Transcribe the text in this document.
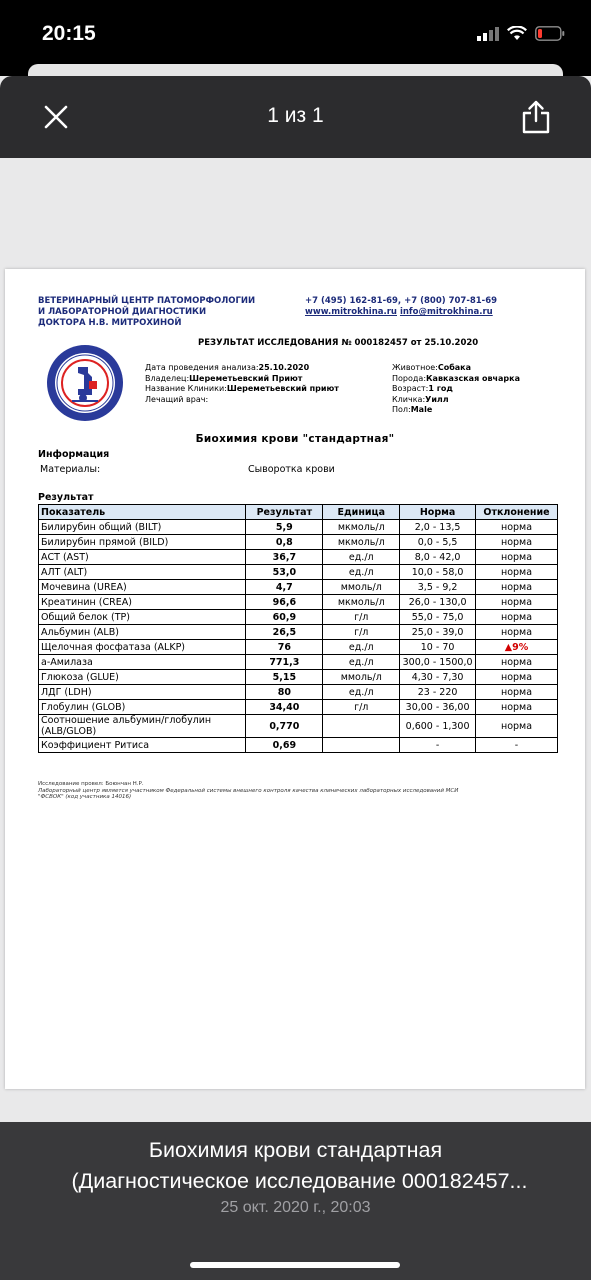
20:15
1 из 1
ВЕТЕРИНАРНЫЙ ЦЕНТР ПАТОМОРФОЛОГИИ
И ЛАБОРАТОРНОЙ ДИАГНОСТИКИ
ДОКТОРА Н.В. МИТРОХИНОЙ
+7 (495) 162-81-69, +7 (800) 707-81-69
www.mitrokhina.ru info@mitrokhina.ru
РЕЗУЛЬТАТ ИССЛЕДОВАНИЯ № 000182457 от 25.10.2020
Дата проведения анализа:25.10.2020
Владелец:Шереметьевский Приют
Название Клиники:Шереметьевский приют
Лечащий врач:
Животное:Собака
Порода:Кавказская овчарка
Возраст:1 год
Кличка:Уилл
Пол:Male
Биохимия крови "стандартная"
Информация
Материалы:	Сыворотка крови
Результат
Показатель	Результат	Единица	Норма	Отклонение
Билирубин общий (BILT)	5,9	мкмоль/л	2,0 - 13,5	норма
Билирубин прямой (BILD)	0,8	мкмоль/л	0,0 - 5,5	норма
АСТ (AST)	36,7	ед./л	8,0 - 42,0	норма
АЛТ (ALT)	53,0	ед./л	10,0 - 58,0	норма
Мочевина (UREA)	4,7	ммоль/л	3,5 - 9,2	норма
Креатинин (CREA)	96,6	мкмоль/л	26,0 - 130,0	норма
Общий белок (TP)	60,9	г/л	55,0 - 75,0	норма
Альбумин (ALB)	26,5	г/л	25,0 - 39,0	норма
Щелочная фосфатаза (ALKP)	76	ед./л	10 - 70	▲9%
а-Амилаза	771,3	ед./л	300,0 - 1500,0	норма
Глюкоза (GLUE)	5,15	ммоль/л	4,30 - 7,30	норма
ЛДГ (LDH)	80	ед./л	23 - 220	норма
Глобулин (GLOB)	34,40	г/л	30,00 - 36,00	норма
Соотношение альбумин/глобулин (ALB/GLOB)	0,770		0,600 - 1,300	норма
Коэффициент Ритиса	0,69		-	-
Исследование провел: Боюнчан Н.Р.
Лабораторный центр является участником Федеральной системы внешнего контроля качества клинических лабораторных исследований МСИ
"ФСВОК" (код участника 14016)
Биохимия крови стандартная
(Диагностическое исследование 000182457...
25 окт. 2020 г., 20:03
